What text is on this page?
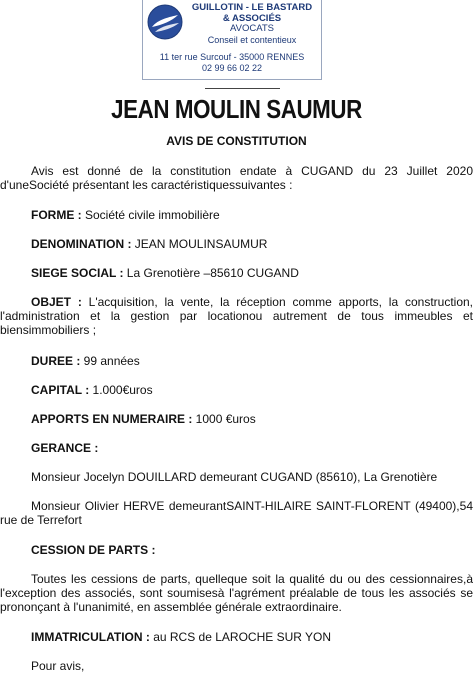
GUILLOTIN - LE BASTARD
& ASSOCIÉS
AVOCATS
Conseil et contentieux
11 ter rue Surcouf - 35000 RENNES
02 99 66 02 22
JEAN MOULIN SAUMUR
AVIS DE CONSTITUTION
Avis est donné de la constitution endate à CUGAND du 23 Juillet 2020 d'uneSociété présentant les caractéristiquessuivantes :
FORME : Société civile immobilière
DENOMINATION : JEAN MOULINSAUMUR
SIEGE SOCIAL : La Grenotière –85610 CUGAND
OBJET : L'acquisition, la vente, la réception comme apports, la construction, l'administration et la gestion par locationou autrement de tous immeubles et biensimmobiliers ;
DUREE : 99 années
CAPITAL : 1.000€uros
APPORTS EN NUMERAIRE : 1000 €uros
GERANCE :
Monsieur Jocelyn DOUILLARD demeurant CUGAND (85610), La Grenotière
Monsieur Olivier HERVE demeurantSAINT-HILAIRE SAINT-FLORENT (49400),54 rue de Terrefort
CESSION DE PARTS :
Toutes les cessions de parts, quelleque soit la qualité du ou des cessionnaires,à l'exception des associés, sont soumisesà l'agrément préalable de tous les associés se prononçant à l'unanimité, en assemblée générale extraordinaire.
IMMATRICULATION : au RCS de LAROCHE SUR YON
Pour avis,
